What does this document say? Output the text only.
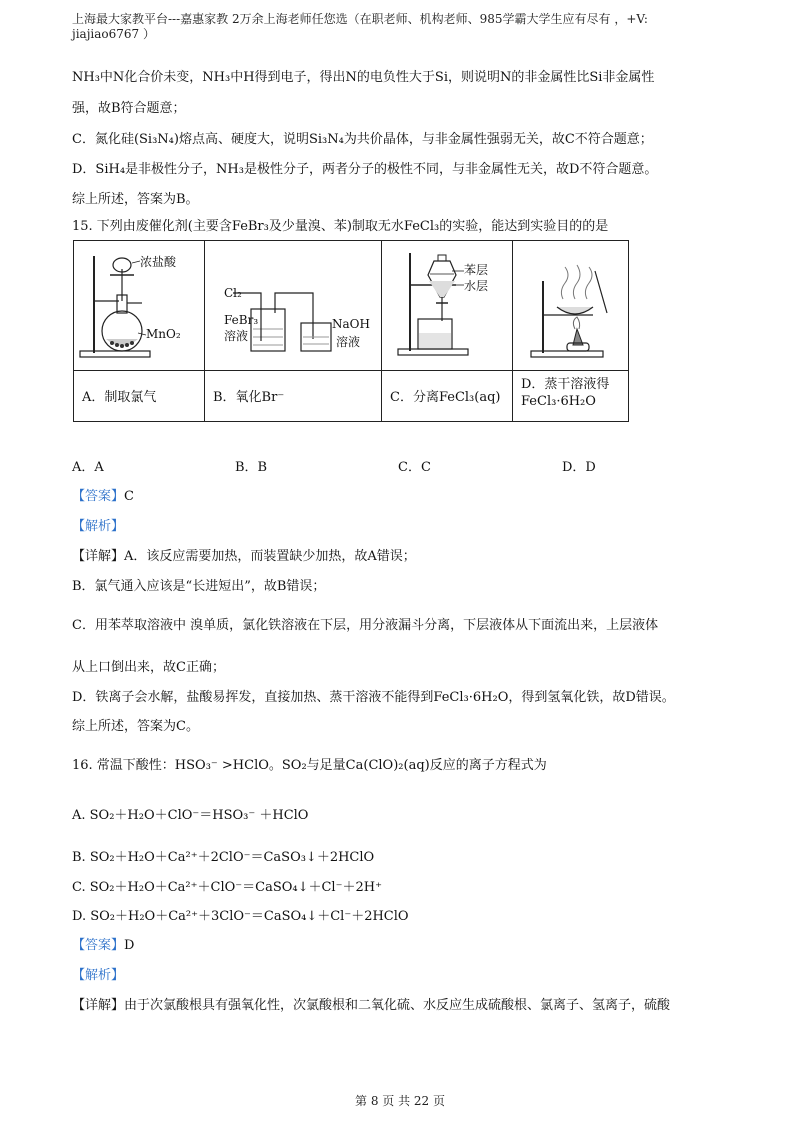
上海最大家教平台---嘉惠家教 2万余上海老师任您选（在职老师、机构老师、985学霸大学生应有尽有 ，+V:
jiajiao6767 ）
NH₃中N化合价未变，NH₃中H得到电子，得出N的电负性大于Si，则说明N的非金属性比Si非金属性
强，故B符合题意；
C．氮化硅(Si₃N₄)熔点高、硬度大，说明Si₃N₄为共价晶体，与非金属性强弱无关，故C不符合题意；
D．SiH₄是非极性分子，NH₃是极性分子，两者分子的极性不同，与非金属性无关，故D不符合题意。
综上所述，答案为B。
15. 下列由废催化剂(主要含FeBr₃及少量溴、苯)制取无水FeCl₃的实验，能达到实验目的的是
浓盐酸
MnO₂
Cl₂
FeBr₃
溶液
NaOH
溶液
苯层
水层
A．制取氯气	B．氧化Br⁻	C．分离FeCl₃(aq)
D．蒸干溶液得
FeCl₃·6H₂O
A．A	B．B	C．C	D．D
【答案】C
【解析】
【详解】A．该反应需要加热，而装置缺少加热，故A错误；
B．氯气通入应该是“长进短出”，故B错误；
C．用苯萃取溶液中 溴单质，氯化铁溶液在下层，用分液漏斗分离，下层液体从下面流出来，上层液体
从上口倒出来，故C正确；
D．铁离子会水解，盐酸易挥发，直接加热、蒸干溶液不能得到FeCl₃·6H₂O，得到氢氧化铁，故D错误。
综上所述，答案为C。
16. 常温下酸性：HSO₃⁻ >HClO。SO₂与足量Ca(ClO)₂(aq)反应的离子方程式为
A. SO₂＋H₂O＋ClO⁻＝HSO₃⁻ ＋HClO
B. SO₂＋H₂O＋Ca²⁺＋2ClO⁻＝CaSO₃↓＋2HClO
C. SO₂＋H₂O＋Ca²⁺＋ClO⁻＝CaSO₄↓＋Cl⁻＋2H⁺
D. SO₂＋H₂O＋Ca²⁺＋3ClO⁻＝CaSO₄↓＋Cl⁻＋2HClO
【答案】D
【解析】
【详解】由于次氯酸根具有强氧化性，次氯酸根和二氧化硫、水反应生成硫酸根、氯离子、氢离子，硫酸
第 8 页 共 22 页
